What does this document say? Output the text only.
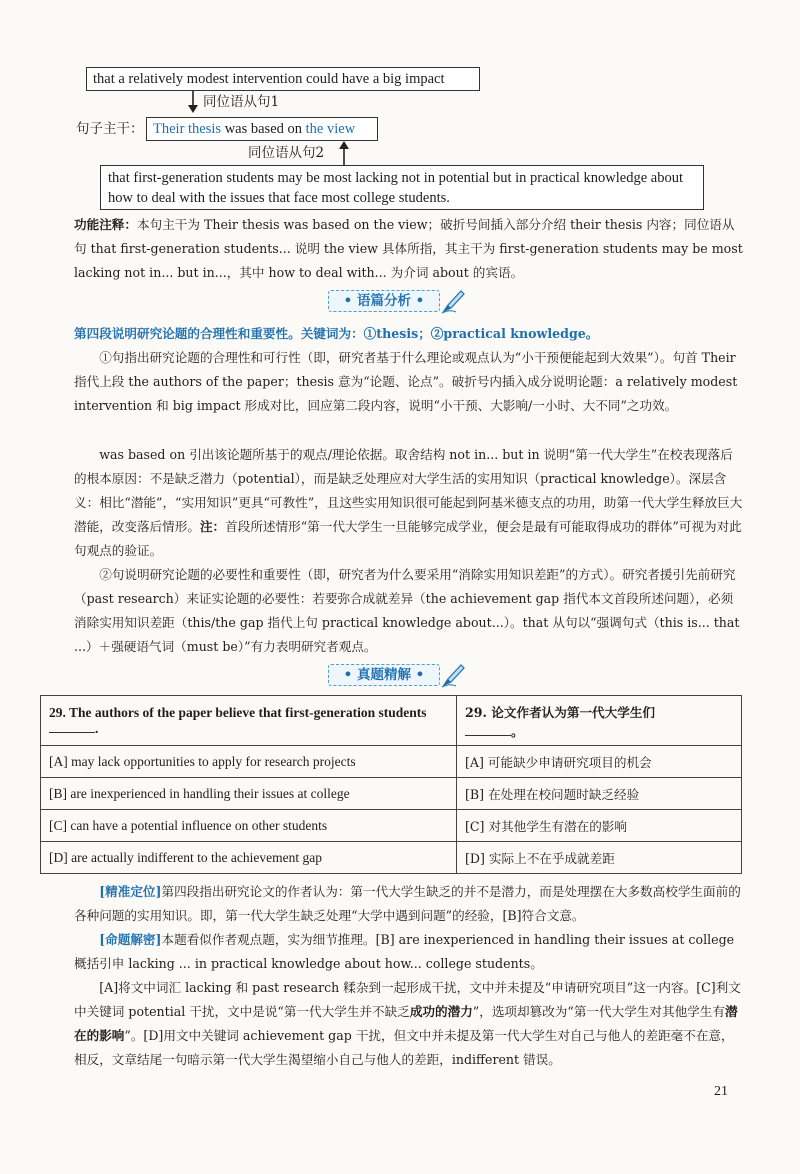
that a relatively modest intervention could have a big impact
同位语从句1
句子主干： Their thesis was based on the view
同位语从句2
that first-generation students may be most lacking not in potential but in practical knowledge about how to deal with the issues that face most college students.
功能注释：本句主干为 Their thesis was based on the view；破折号间插入部分介绍 their thesis 内容；同位语从句 that first-generation students... 说明 the view 具体所指，其主干为 first-generation students may be most lacking not in... but in...，其中 how to deal with... 为介词 about 的宾语。
• 语篇分析 •
第四段说明研究论题的合理性和重要性。关键词为：①thesis；②practical knowledge。
①句指出研究论题的合理性和可行性（即，研究者基于什么理论或观点认为“小干预便能起到大效果”）。句首 Their 指代上段 the authors of the paper；thesis 意为“论题、论点”。破折号内插入成分说明论题：a relatively modest intervention 和 big impact 形成对比，回应第二段内容，说明“小干预、大影响/一小时、大不同”之功效。
was based on 引出该论题所基于的观点/理论依据。取舍结构 not in... but in 说明“第一代大学生”在校表现落后的根本原因：不是缺乏潜力（potential），而是缺乏处理应对大学生活的实用知识（practical knowledge）。深层含义：相比“潜能”，“实用知识”更具“可教性”，且这些实用知识很可能起到阿基米德支点的功用，助第一代大学生释放巨大潜能，改变落后情形。注：首段所述情形“第一代大学生一旦能够完成学业，便会是最有可能取得成功的群体”可视为对此句观点的验证。
②句说明研究论题的必要性和重要性（即，研究者为什么要采用“消除实用知识差距”的方式）。研究者援引先前研究（past research）来证实论题的必要性：若要弥合成就差异（the achievement gap 指代本文首段所述问题），必须消除实用知识差距（this/the gap 指代上句 practical knowledge about...）。that 从句以“强调句式（this is... that ...）＋强硬语气词（must be）”有力表明研究者观点。
• 真题精解 •
29. The authors of the paper believe that first-generation students .	29. 论文作者认为第一代大学生们
。
[A] may lack opportunities to apply for research projects	[A] 可能缺少申请研究项目的机会
[B] are inexperienced in handling their issues at college	[B] 在处理在校问题时缺乏经验
[C] can have a potential influence on other students	[C] 对其他学生有潜在的影响
[D] are actually indifferent to the achievement gap	[D] 实际上不在乎成就差距
[精准定位]第四段指出研究论文的作者认为：第一代大学生缺乏的并不是潜力，而是处理摆在大多数高校学生面前的各种问题的实用知识。即，第一代大学生缺乏处理“大学中遇到问题”的经验，[B]符合文意。
[命题解密]本题看似作者观点题，实为细节推理。[B] are inexperienced in handling their issues at college 概括引申 lacking ... in practical knowledge about how... college students。
[A]将文中词汇 lacking 和 past research 糅杂到一起形成干扰，文中并未提及“申请研究项目”这一内容。[C]利文中关键词 potential 干扰，文中是说“第一代大学生并不缺乏成功的潜力”，选项却篡改为“第一代大学生对其他学生有潜在的影响”。[D]用文中关键词 achievement gap 干扰，但文中并未提及第一代大学生对自己与他人的差距毫不在意，相反，文章结尾一句暗示第一代大学生渴望缩小自己与他人的差距，indifferent 错误。
21
